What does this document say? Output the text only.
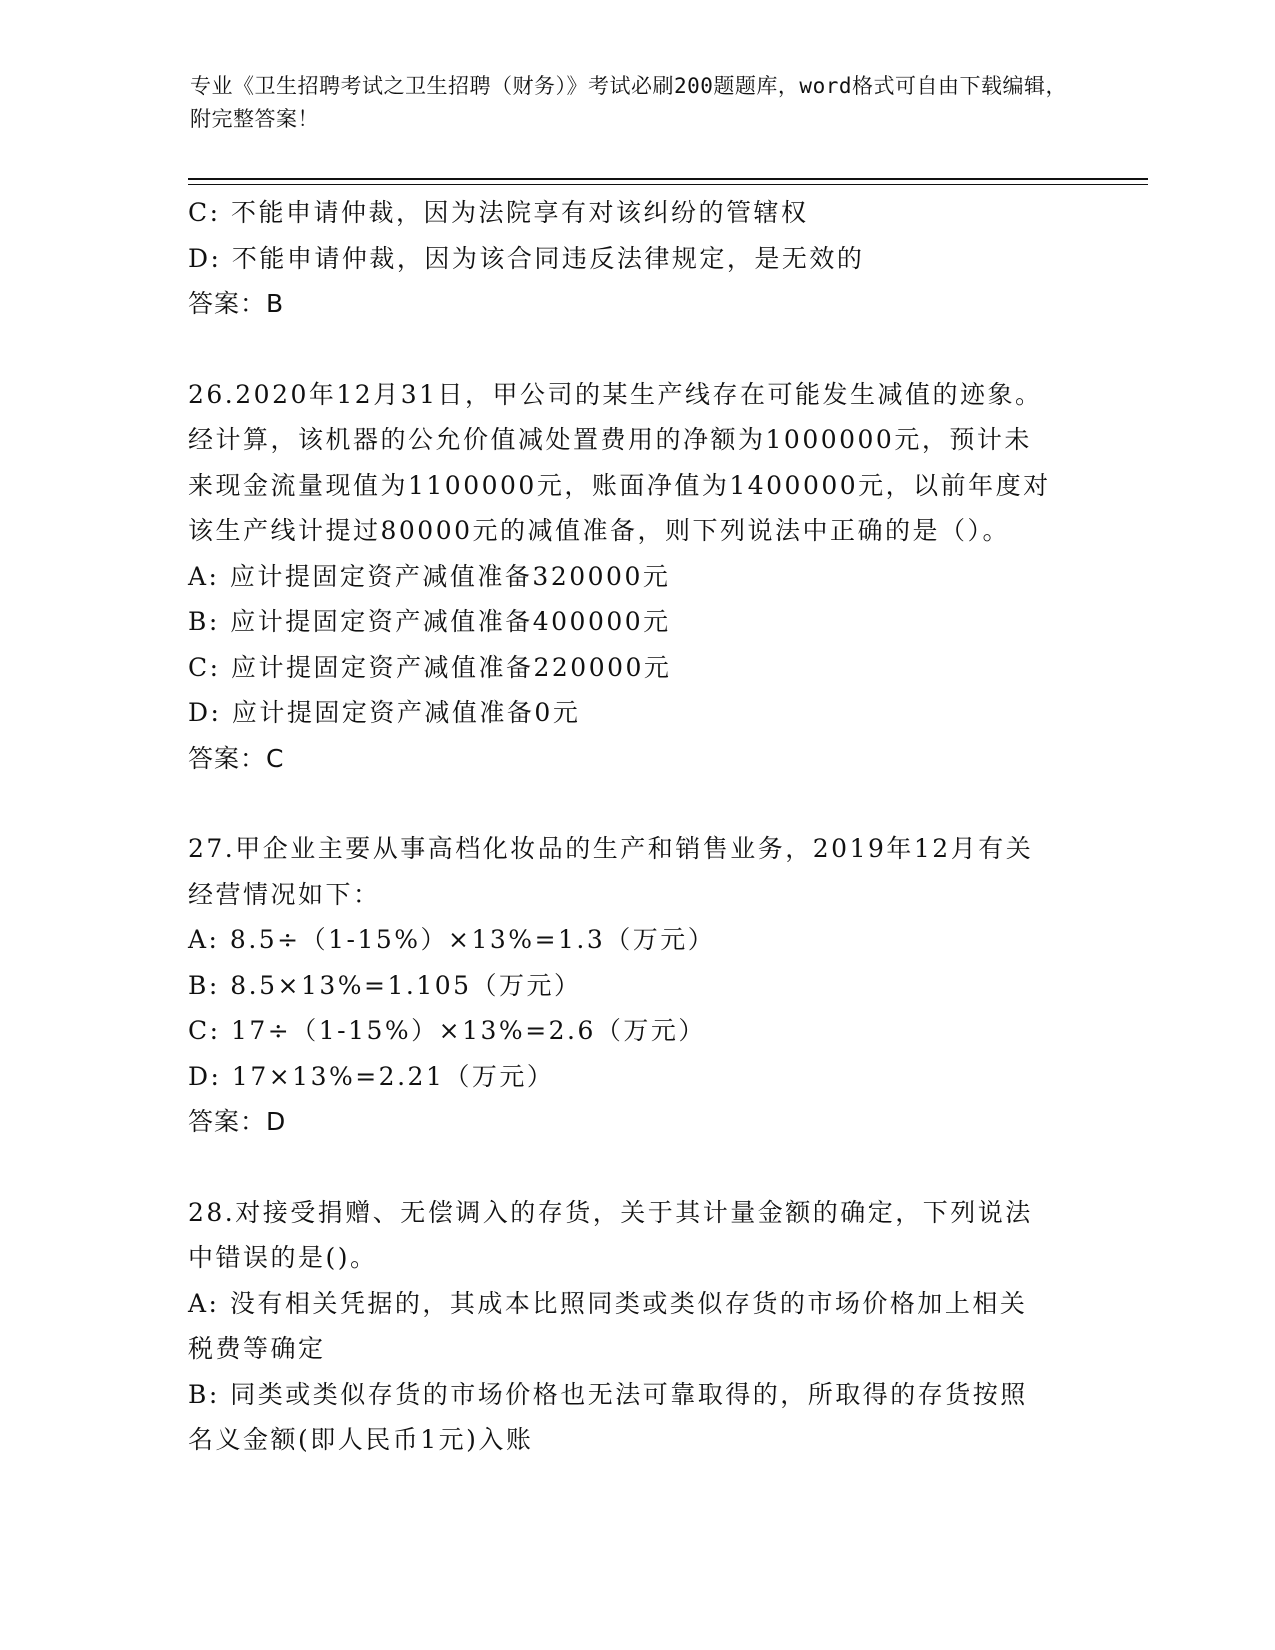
专业《卫生招聘考试之卫生招聘（财务）》考试必刷200题题库，word格式可自由下载编辑，附完整答案！
C: 不能申请仲裁，因为法院享有对该纠纷的管辖权
D: 不能申请仲裁，因为该合同违反法律规定，是无效的
答案：B
26.2020年12月31日，甲公司的某生产线存在可能发生减值的迹象。
经计算，该机器的公允价值减处置费用的净额为1000000元，预计未
来现金流量现值为1100000元，账面净值为1400000元，以前年度对
该生产线计提过80000元的减值准备，则下列说法中正确的是（）。
A: 应计提固定资产减值准备320000元
B: 应计提固定资产减值准备400000元
C: 应计提固定资产减值准备220000元
D: 应计提固定资产减值准备0元
答案：C
27.甲企业主要从事高档化妆品的生产和销售业务，2019年12月有关
经营情况如下：
A: 8.5÷（1-15%）×13%=1.3（万元）
B: 8.5×13%=1.105（万元）
C: 17÷（1-15%）×13%=2.6（万元）
D: 17×13%=2.21（万元）
答案：D
28.对接受捐赠、无偿调入的存货，关于其计量金额的确定，下列说法
中错误的是()。
A: 没有相关凭据的，其成本比照同类或类似存货的市场价格加上相关
税费等确定
B: 同类或类似存货的市场价格也无法可靠取得的，所取得的存货按照
名义金额(即人民币1元)入账
